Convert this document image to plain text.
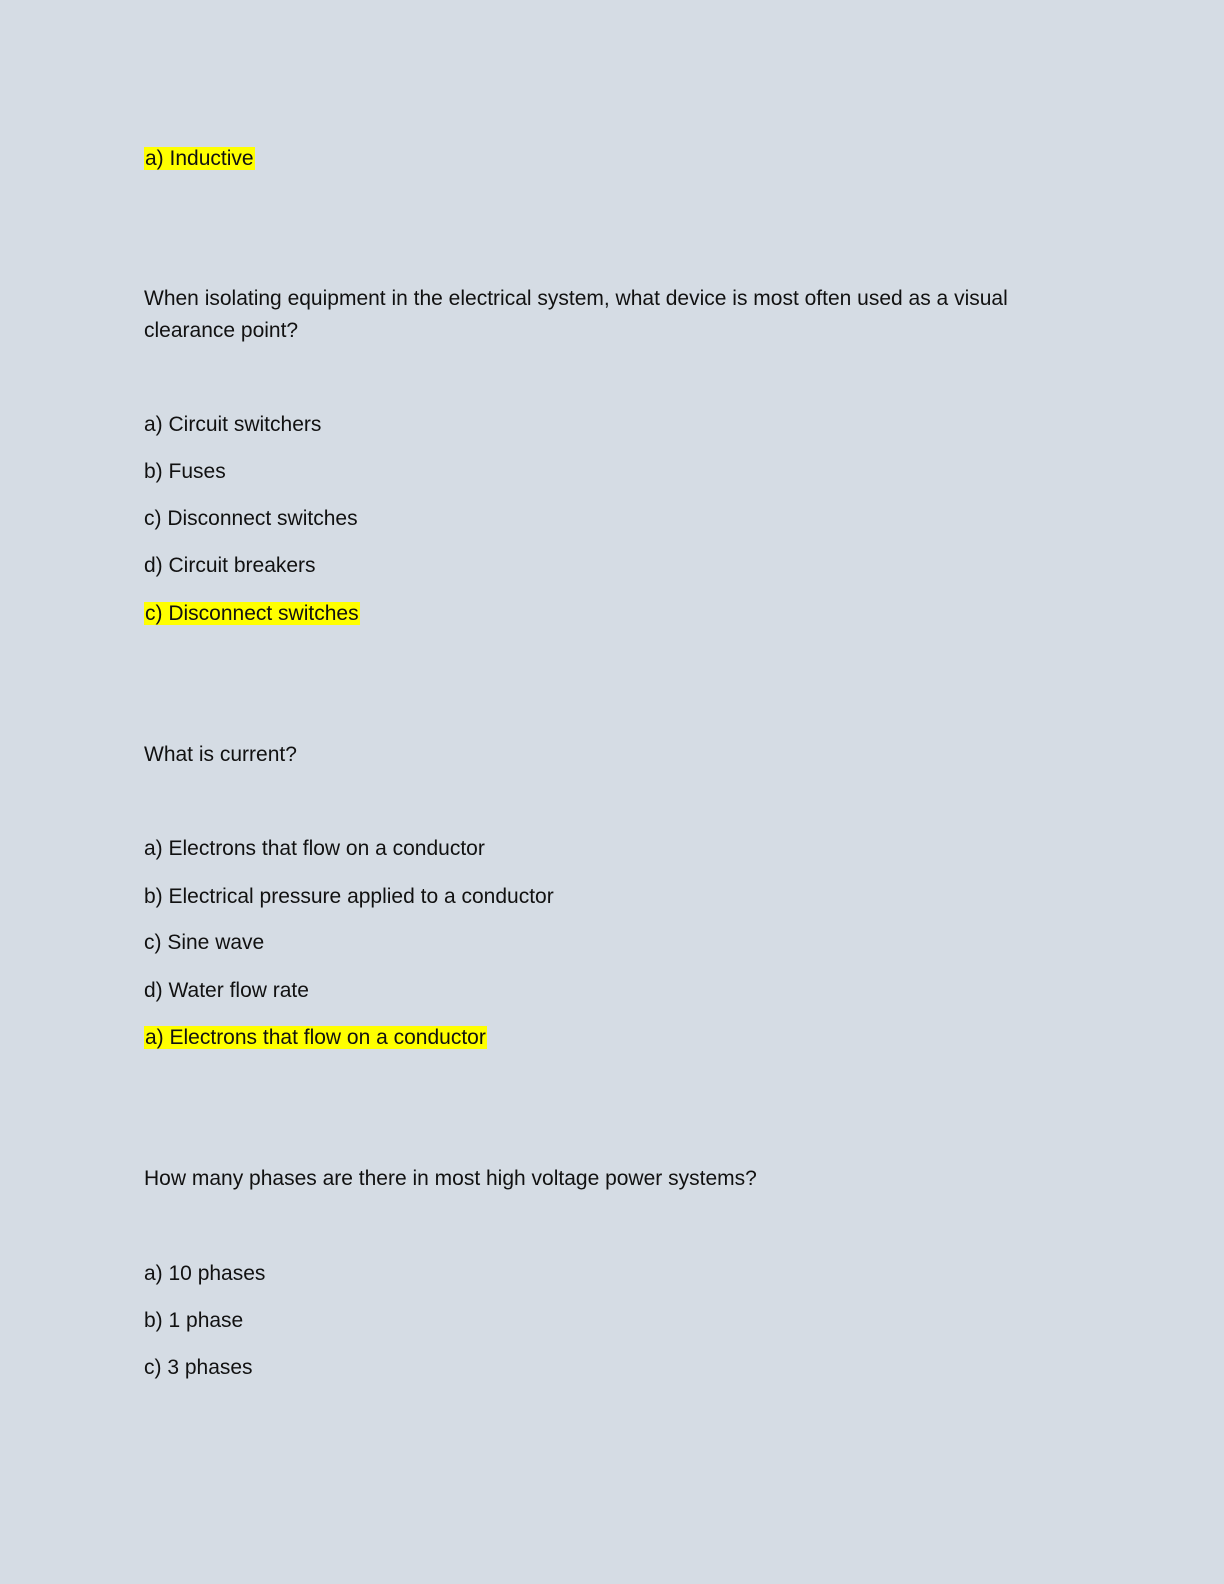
a) Inductive
When isolating equipment in the electrical system, what device is most often used as a visual clearance point?
a) Circuit switchers
b) Fuses
c) Disconnect switches
d) Circuit breakers
c) Disconnect switches
What is current?
a) Electrons that flow on a conductor
b) Electrical pressure applied to a conductor
c) Sine wave
d) Water flow rate
a) Electrons that flow on a conductor
How many phases are there in most high voltage power systems?
a) 10 phases
b) 1 phase
c) 3 phases
